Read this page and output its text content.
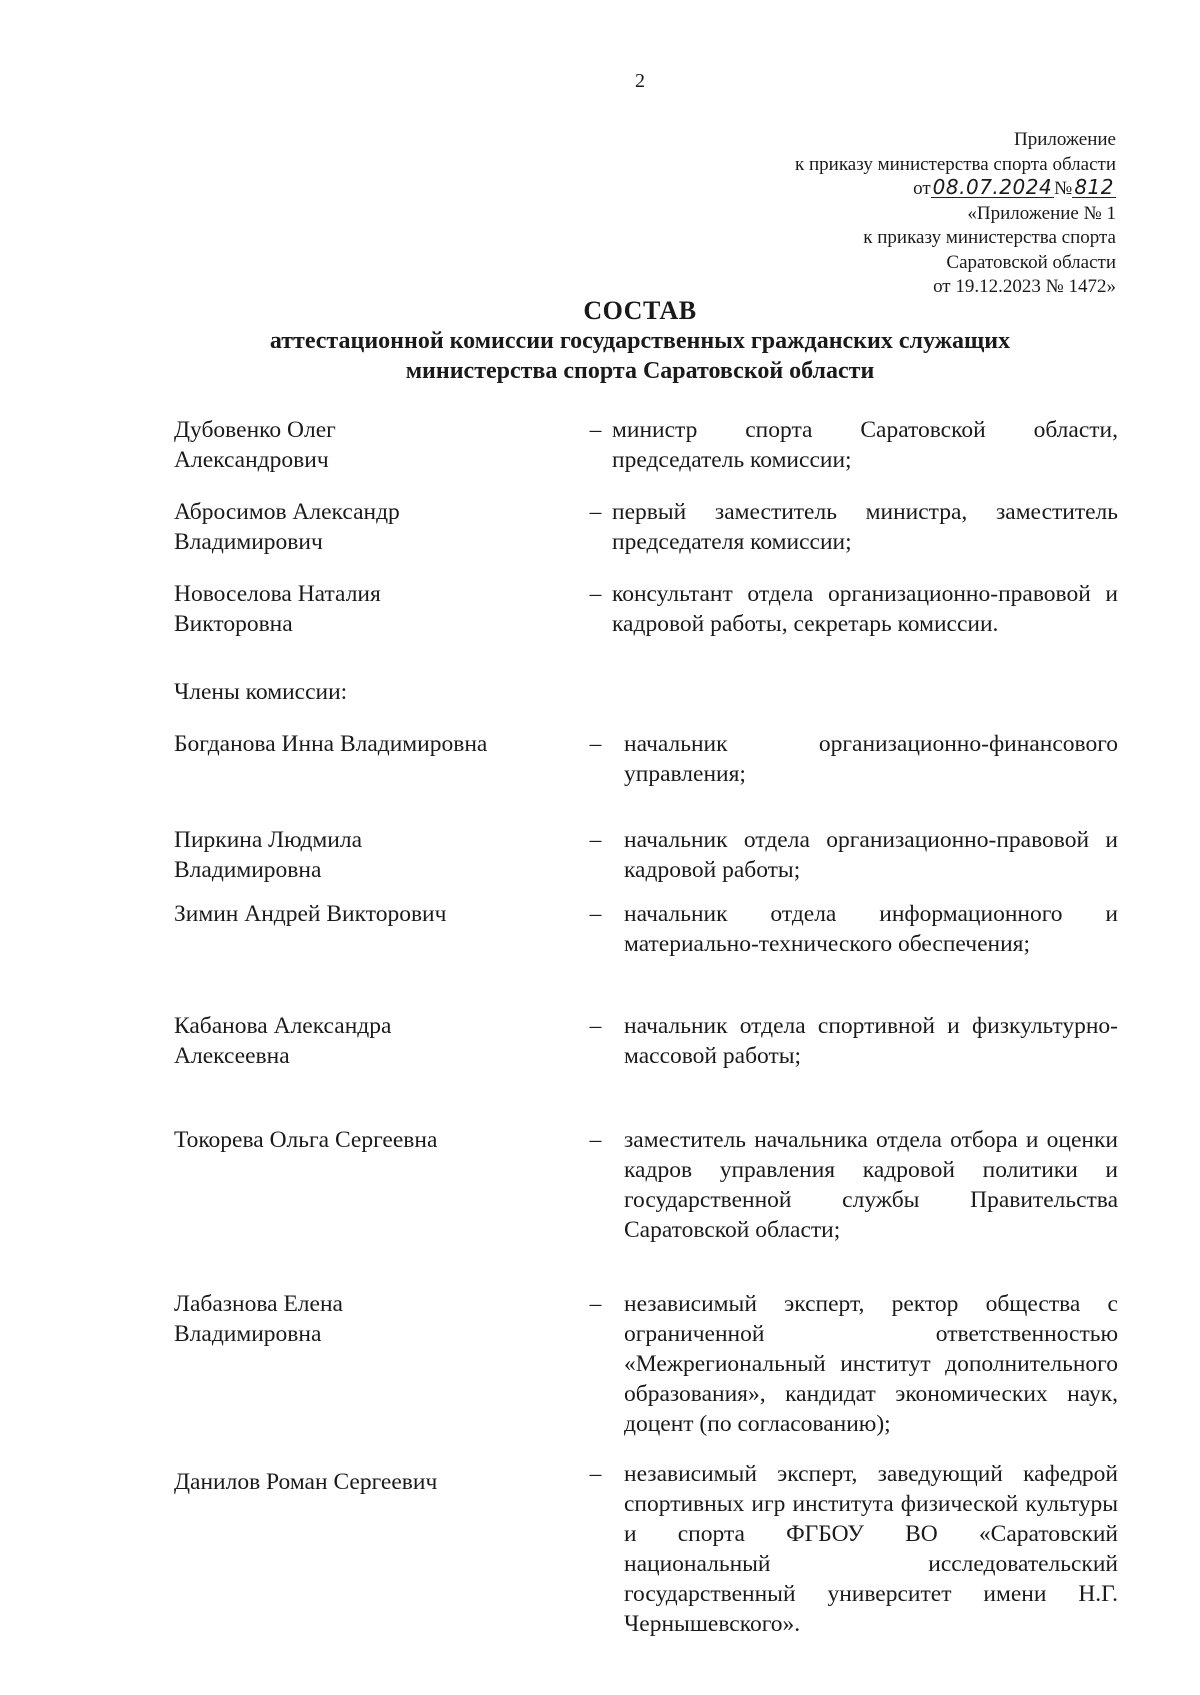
2
Приложение
к приказу министерства спорта области
от 08.07.2024 № 812
«Приложение № 1
к приказу министерства спорта
Саратовской области
от 19.12.2023 № 1472»
СОСТАВ
аттестационной комиссии государственных гражданских служащих
министерства спорта Саратовской области
Дубовенко Олег Александрович
– министр спорта Саратовской области, председатель комиссии;
Абросимов Александр Владимирович
– первый заместитель министра, заместитель председателя комиссии;
Новоселова Наталия Викторовна
– консультант отдела организационно-правовой и кадровой работы, секретарь комиссии.
Члены комиссии:
Богданова Инна Владимировна	– начальник организационно-финансового управления;
Пиркина Людмила Владимировна
– начальник отдела организационно-правовой и кадровой работы;
Зимин Андрей Викторович	– начальник отдела информационного и материально-технического обеспечения;
Кабанова Александра Алексеевна
– начальник отдела спортивной и физкультурно-массовой работы;
Токорева Ольга Сергеевна	– заместитель начальника отдела отбора и оценки кадров управления кадровой политики и государственной службы Правительства Саратовской области;
Лабазнова Елена Владимировна
– независимый эксперт, ректор общества с ограниченной ответственностью «Межрегиональный институт дополнительного образования», кандидат экономических наук, доцент (по согласованию);
Данилов Роман Сергеевич	– независимый эксперт, заведующий кафедрой спортивных игр института физической культуры и спорта ФГБОУ ВО «Саратовский национальный исследовательский государственный университет имени Н.Г. Чернышевского».
